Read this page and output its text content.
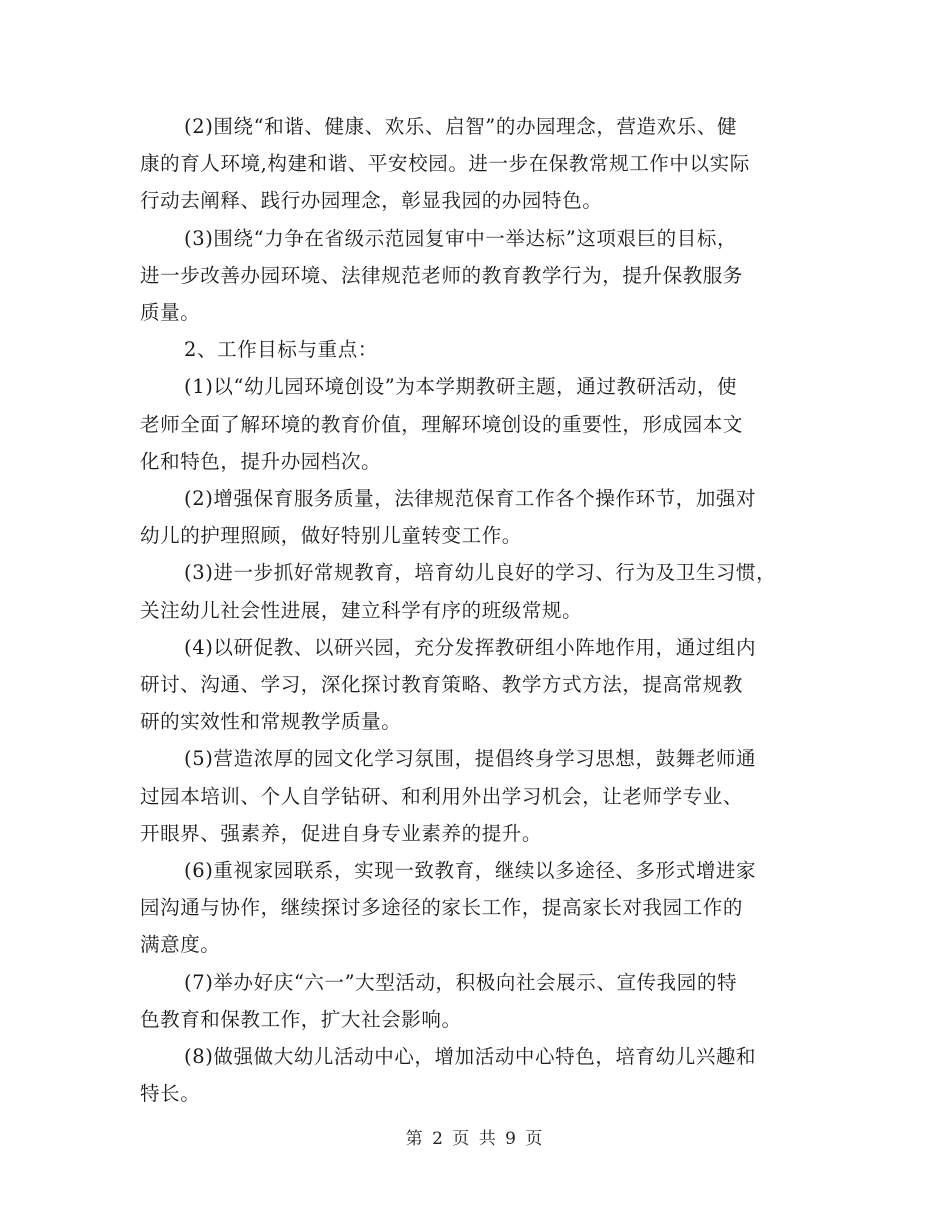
(2)围绕“和谐、健康、欢乐、启智”的办园理念，营造欢乐、健
康的育人环境,构建和谐、平安校园。进一步在保教常规工作中以实际
行动去阐释、践行办园理念，彰显我园的办园特色。

(3)围绕“力争在省级示范园复审中一举达标”这项艰巨的目标，
进一步改善办园环境、法律规范老师的教育教学行为，提升保教服务
质量。

2、工作目标与重点：

(1)以“幼儿园环境创设”为本学期教研主题，通过教研活动，使
老师全面了解环境的教育价值，理解环境创设的重要性，形成园本文
化和特色，提升办园档次。

(2)增强保育服务质量，法律规范保育工作各个操作环节，加强对
幼儿的护理照顾，做好特别儿童转变工作。

(3)进一步抓好常规教育，培育幼儿良好的学习、行为及卫生习惯，
关注幼儿社会性进展，建立科学有序的班级常规。

(4)以研促教、以研兴园，充分发挥教研组小阵地作用，通过组内
研讨、沟通、学习，深化探讨教育策略、教学方式方法，提高常规教
研的实效性和常规教学质量。

(5)营造浓厚的园文化学习氛围，提倡终身学习思想，鼓舞老师通
过园本培训、个人自学钻研、和利用外出学习机会，让老师学专业、
开眼界、强素养，促进自身专业素养的提升。

(6)重视家园联系，实现一致教育，继续以多途径、多形式增进家
园沟通与协作，继续探讨多途径的家长工作，提高家长对我园工作的
满意度。

(7)举办好庆“六一”大型活动，积极向社会展示、宣传我园的特
色教育和保教工作，扩大社会影响。

(8)做强做大幼儿活动中心，增加活动中心特色，培育幼儿兴趣和
特长。

第 2 页 共 9 页
